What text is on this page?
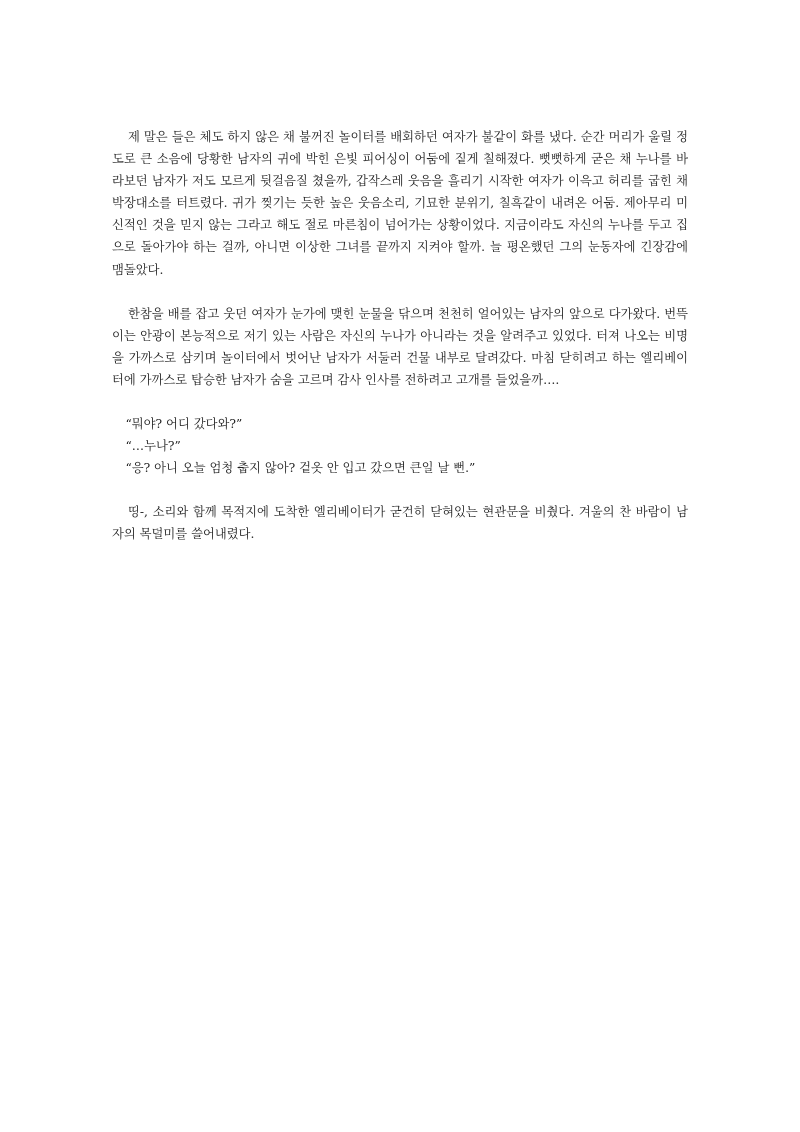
제 말은 들은 체도 하지 않은 채 불꺼진 놀이터를 배회하던 여자가 불같이 화를 냈다. 순간 머리가 울릴 정도로 큰 소음에 당황한 남자의 귀에 박힌 은빛 피어싱이 어둠에 짙게 칠해졌다. 뻣뻣하게 굳은 채 누나를 바라보던 남자가 저도 모르게 뒷걸음질 쳤을까, 갑작스레 웃음을 흘리기 시작한 여자가 이윽고 허리를 굽힌 채 박장대소를 터트렸다. 귀가 찢기는 듯한 높은 웃음소리, 기묘한 분위기, 칠흑같이 내려온 어둠. 제아무리 미신적인 것을 믿지 않는 그라고 해도 절로 마른침이 넘어가는 상황이었다. 지금이라도 자신의 누나를 두고 집으로 돌아가야 하는 걸까, 아니면 이상한 그녀를 끝까지 지켜야 할까. 늘 평온했던 그의 눈동자에 긴장감에 맴돌았다.

한참을 배를 잡고 웃던 여자가 눈가에 맺힌 눈물을 닦으며 천천히 얼어있는 남자의 앞으로 다가왔다. 번뜩이는 안광이 본능적으로 저기 있는 사람은 자신의 누나가 아니라는 것을 알려주고 있었다. 터져 나오는 비명을 가까스로 삼키며 놀이터에서 벗어난 남자가 서둘러 건물 내부로 달려갔다. 마침 닫히려고 하는 엘리베이터에 가까스로 탑승한 남자가 숨을 고르며 감사 인사를 전하려고 고개를 들었을까….

“뭐야? 어디 갔다와?”
“…누나?”
“응? 아니 오늘 엄청 춥지 않아? 겉옷 안 입고 갔으면 큰일 날 뻔.”

띵-, 소리와 함께 목적지에 도착한 엘리베이터가 굳건히 닫혀있는 현관문을 비췄다. 겨울의 찬 바람이 남자의 목덜미를 쓸어내렸다.
